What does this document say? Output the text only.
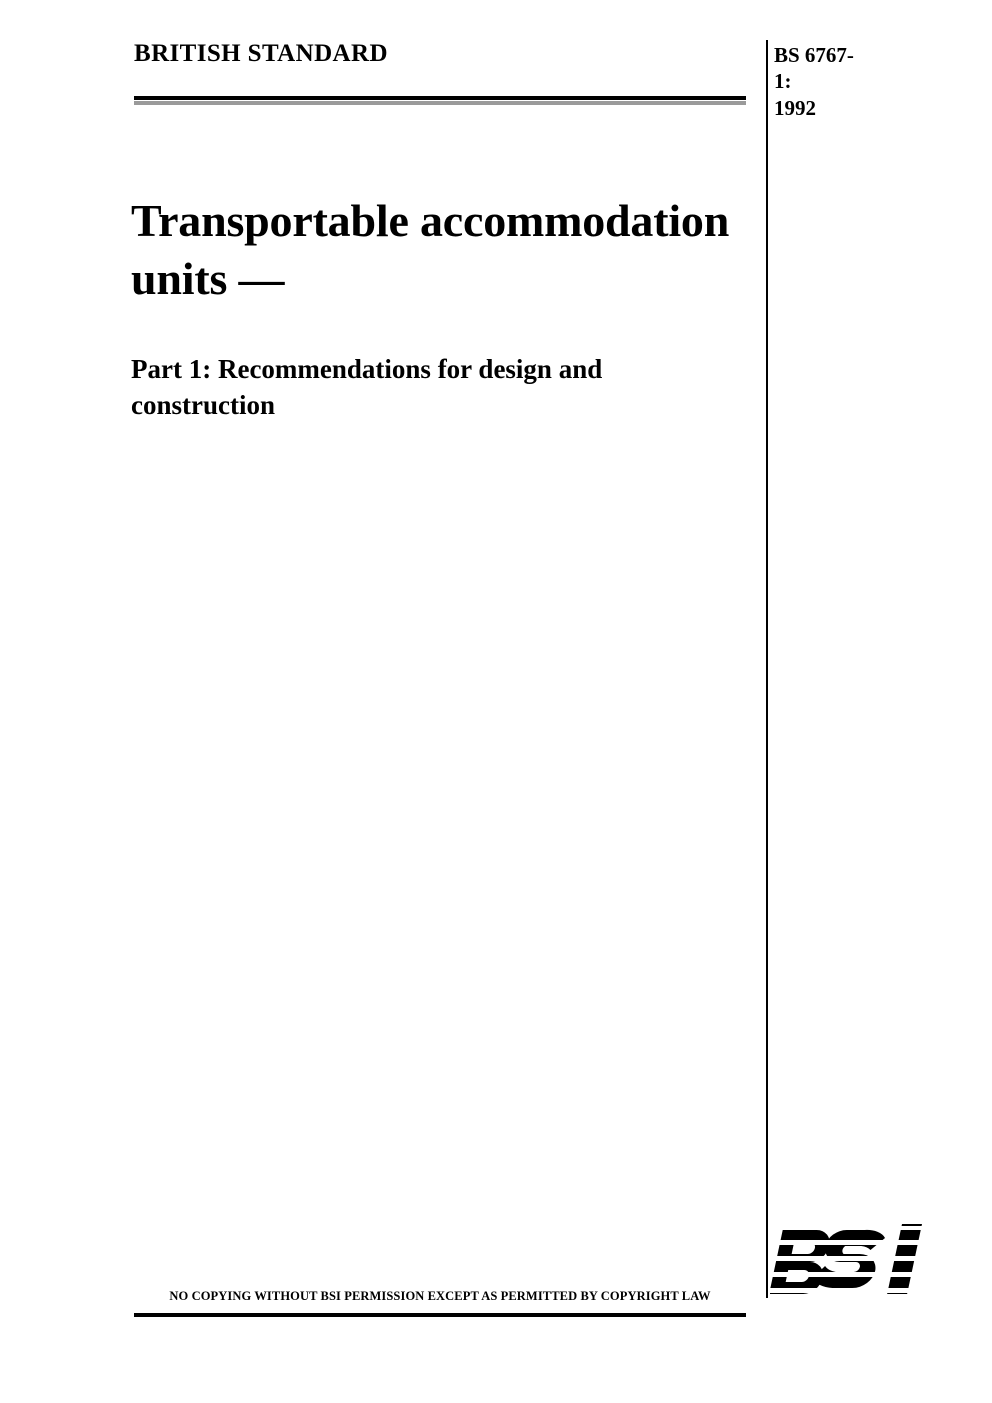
BRITISH STANDARD	BS 6767-1:
1992
Transportable accommodation units —
Part 1: Recommendations for design and construction
NO COPYING WITHOUT BSI PERMISSION EXCEPT AS PERMITTED BY COPYRIGHT LAW
